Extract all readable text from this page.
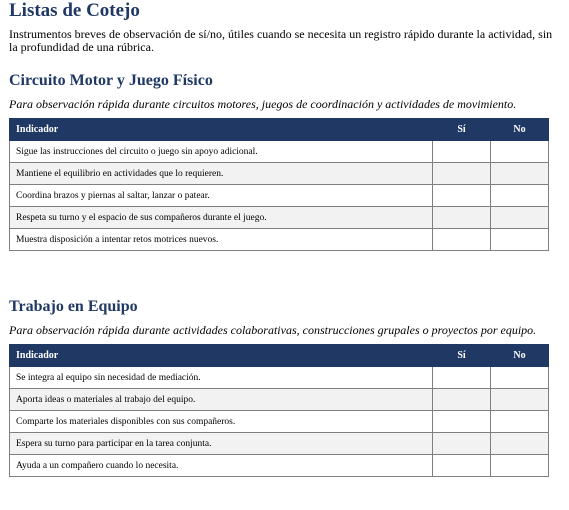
Listas de Cotejo
Instrumentos breves de observación de sí/no, útiles cuando se necesita un registro rápido durante la actividad, sin la profundidad de una rúbrica.
Circuito Motor y Juego Físico
Para observación rápida durante circuitos motores, juegos de coordinación y actividades de movimiento.
Indicador	Sí	No
Sigue las instrucciones del circuito o juego sin apoyo adicional.		
Mantiene el equilibrio en actividades que lo requieren.		
Coordina brazos y piernas al saltar, lanzar o patear.		
Respeta su turno y el espacio de sus compañeros durante el juego.		
Muestra disposición a intentar retos motrices nuevos.		
Trabajo en Equipo
Para observación rápida durante actividades colaborativas, construcciones grupales o proyectos por equipo.
Indicador	Sí	No
Se integra al equipo sin necesidad de mediación.		
Aporta ideas o materiales al trabajo del equipo.		
Comparte los materiales disponibles con sus compañeros.		
Espera su turno para participar en la tarea conjunta.		
Ayuda a un compañero cuando lo necesita.		
